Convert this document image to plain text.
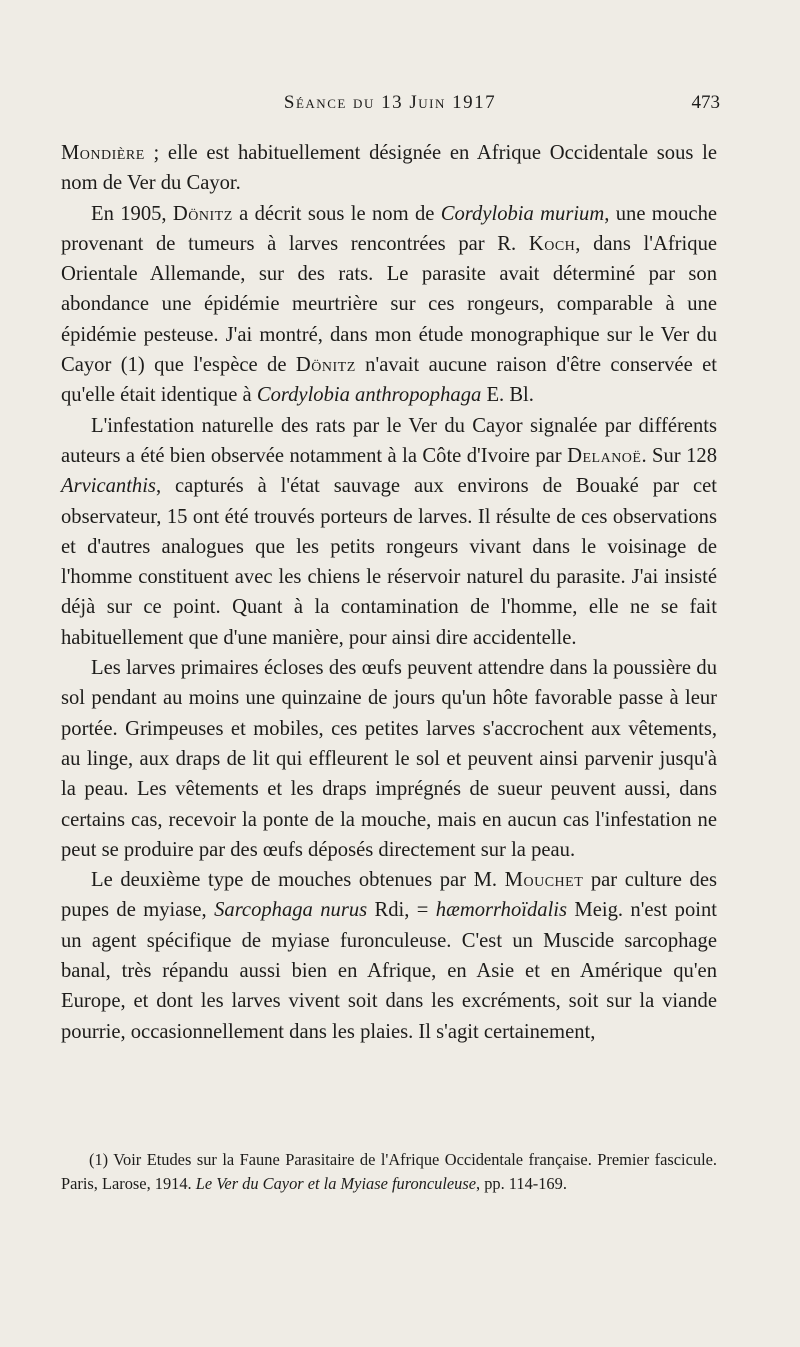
Séance du 13 Juin 1917	473

Mondière ; elle est habituellement désignée en Afrique Occidentale sous le nom de Ver du Cayor.

En 1905, Dönitz a décrit sous le nom de Cordylobia murium, une mouche provenant de tumeurs à larves rencontrées par R. Koch, dans l'Afrique Orientale Allemande, sur des rats. Le parasite avait déterminé par son abondance une épidémie meurtrière sur ces rongeurs, comparable à une épidémie pesteuse. J'ai montré, dans mon étude monographique sur le Ver du Cayor (1) que l'espèce de Dönitz n'avait aucune raison d'être conservée et qu'elle était identique à Cordylobia anthropophaga E. Bl.

L'infestation naturelle des rats par le Ver du Cayor signalée par différents auteurs a été bien observée notamment à la Côte d'Ivoire par Delanoë. Sur 128 Arvicanthis, capturés à l'état sauvage aux environs de Bouaké par cet observateur, 15 ont été trouvés porteurs de larves. Il résulte de ces observations et d'autres analogues que les petits rongeurs vivant dans le voisinage de l'homme constituent avec les chiens le réservoir naturel du parasite. J'ai insisté déjà sur ce point. Quant à la contamination de l'homme, elle ne se fait habituellement que d'une manière, pour ainsi dire accidentelle.

Les larves primaires écloses des œufs peuvent attendre dans la poussière du sol pendant au moins une quinzaine de jours qu'un hôte favorable passe à leur portée. Grimpeuses et mobiles, ces petites larves s'accrochent aux vêtements, au linge, aux draps de lit qui effleurent le sol et peuvent ainsi parvenir jusqu'à la peau. Les vêtements et les draps imprégnés de sueur peuvent aussi, dans certains cas, recevoir la ponte de la mouche, mais en aucun cas l'infestation ne peut se produire par des œufs déposés directement sur la peau.

Le deuxième type de mouches obtenues par M. Mouchet par culture des pupes de myiase, Sarcophaga nurus Rdi, = hæmorrhoïdalis Meig. n'est point un agent spécifique de myiase furonculeuse. C'est un Muscide sarcophage banal, très répandu aussi bien en Afrique, en Asie et en Amérique qu'en Europe, et dont les larves vivent soit dans les excréments, soit sur la viande pourrie, occasionnellement dans les plaies. Il s'agit certainement,

(1) Voir Etudes sur la Faune Parasitaire de l'Afrique Occidentale française. Premier fascicule. Paris, Larose, 1914. Le Ver du Cayor et la Myiase furonculeuse, pp. 114-169.
